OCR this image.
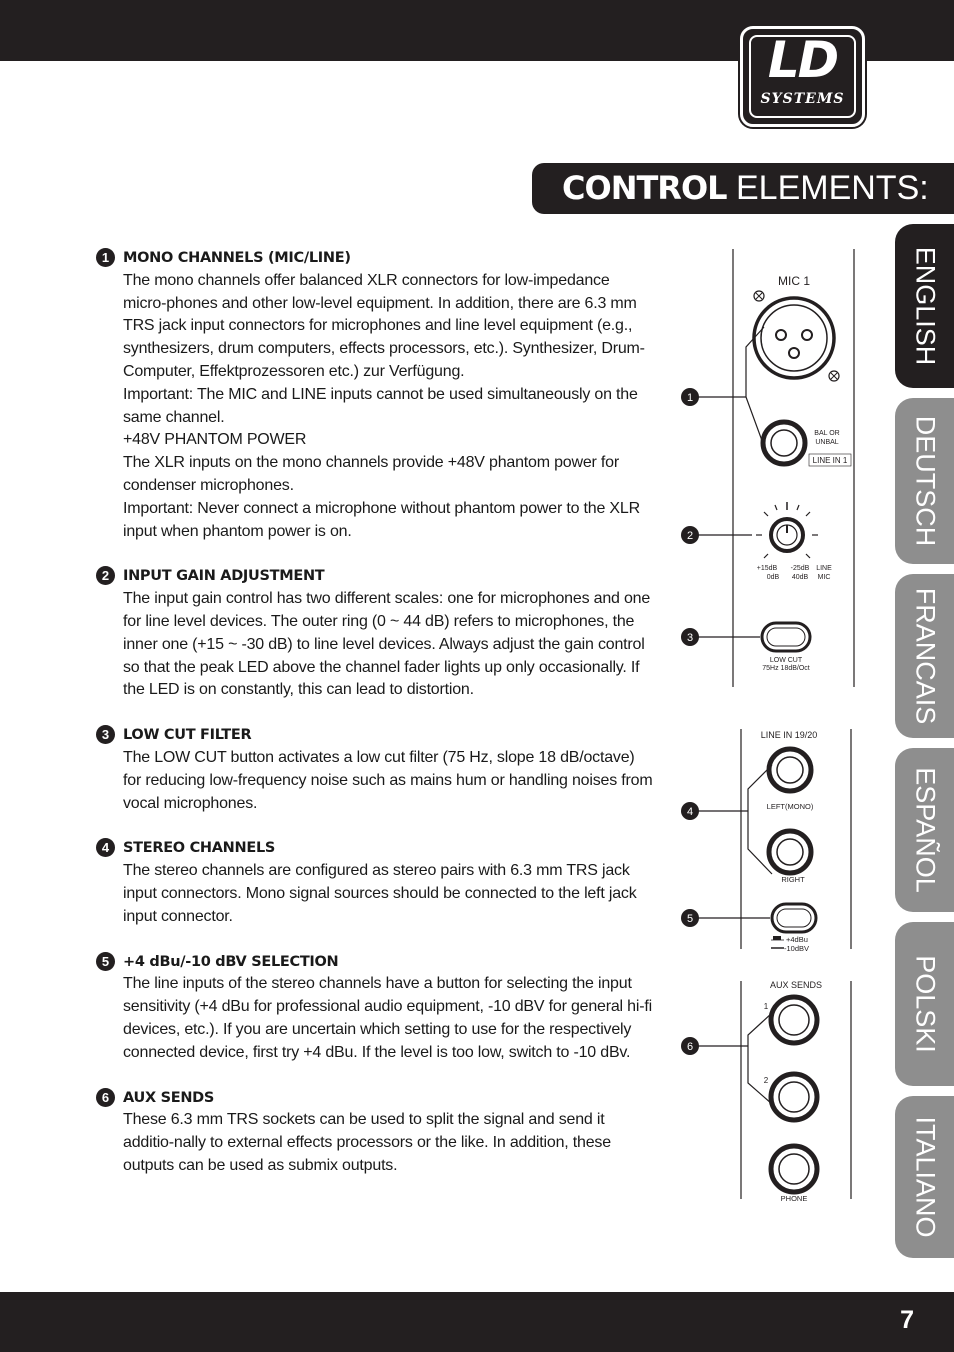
LD
SYSTEMS
CONTROL ELEMENTS:
ENGLISH
DEUTSCH
FRANCAIS
ESPAÑOL
POLSKI
ITALIANO
1 MONO CHANNELS (MIC/LINE)

The mono channels offer balanced XLR connectors for low-impedance micro-phones and other low-level equipment. In addition, there are 6.3 mm TRS jack input connectors for microphones and line level equipment (e.g., synthesizers, drum computers, effects processors, etc.). Synthesizer, Drum-Computer, Effektprozessoren etc.) zur Verfügung.

Important: The MIC and LINE inputs cannot be used simultaneously on the same channel.

+48V PHANTOM POWER

The XLR inputs on the mono channels provide +48V phantom power for condenser microphones.

Important: Never connect a microphone without phantom power to the XLR input when phantom power is on.

2 INPUT GAIN ADJUSTMENT

The input gain control has two different scales: one for microphones and one for line level devices. The outer ring (0 ~ 44 dB) refers to microphones, the inner one (+15 ~ -30 dB) to line level devices. Always adjust the gain control so that the peak LED above the channel fader lights up only occasionally. If the LED is on constantly, this can lead to distortion.

3 LOW CUT FILTER

The LOW CUT button activates a low cut filter (75 Hz, slope 18 dB/octave) for reducing low-frequency noise such as mains hum or handling noises from vocal microphones.

4 STEREO CHANNELS

The stereo channels are configured as stereo pairs with 6.3 mm TRS jack input connectors. Mono signal sources should be connected to the left jack input connector.

5 +4 dBu/-10 dBV SELECTION

The line inputs of the stereo channels have a button for selecting the input sensitivity (+4 dBu for professional audio equipment, -10 dBV for general hi-fi devices, etc.). If you are uncertain which setting to use for the respectively connected device, first try +4 dBu. If the level is too low, switch to -10 dBv.

6 AUX SENDS

These 6.3 mm TRS sockets can be used to split the signal and send it additio-nally to external effects processors or the like. In addition, these outputs can be used as submix outputs.

MIC 1
BAL OR
UNBAL
LINE IN 1
+15dB -25dB LINE
0dB 40dB MIC
LOW CUT
75Hz 18dB/Oct
LINE IN 19/20
LEFT(MONO)
RIGHT
+4dBu
-10dBV
AUX SENDS
1
2
PHONE
1
2
3
4
5
6
7
